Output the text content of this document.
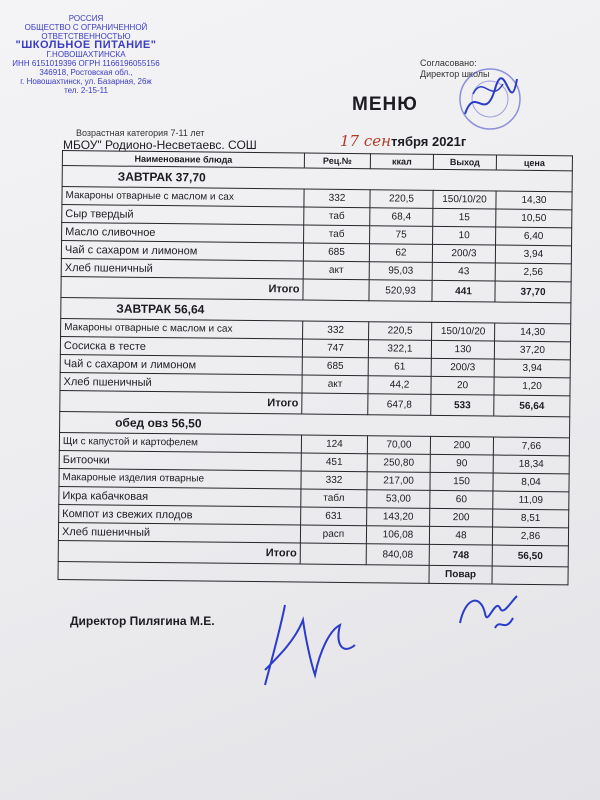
РОССИЯ
ОБЩЕСТВО С ОГРАНИЧЕННОЙ
ОТВЕТСТВЕННОСТЬЮ
"ШКОЛЬНОЕ ПИТАНИЕ"
Г.НОВОШАХТИНСКА
ИНН 6151019396 ОГРН 1166196055156
346918, Ростовская обл.,
г. Новошахтинск, ул. Базарная, 26ж
тел. 2-15-11
Согласовано:
Директор школы
МЕНЮ
Возрастная категория 7-11 лет
МБОУ" Родионо-Несветаевс. СОШ	17 сентября 2021г
Наименование блюда	Рец.№	ккал	Выход	цена
ЗАВТРАК 37,70				
Макароны отварные с маслом и сах	332	220,5	150/10/20	14,30
Сыр твердый	таб	68,4	15	10,50
Масло сливочное	таб	75	10	6,40
Чай с сахаром и лимоном	685	62	200/3	3,94
Хлеб пшеничный	акт	95,03	43	2,56
Итого		520,93	441	37,70
ЗАВТРАК 56,64				
Макароны отварные с маслом и сах	332	220,5	150/10/20	14,30
Сосиска в тесте	747	322,1	130	37,20
Чай с сахаром и лимоном	685	61	200/3	3,94
Хлеб пшеничный	акт	44,2	20	1,20
Итого		647,8	533	56,64
обед овз 56,50				
Щи с капустой и картофелем	124	70,00	200	7,66
Битоочки	451	250,80	90	18,34
Макароные изделия отварные	332	217,00	150	8,04
Икра кабачковая	табл	53,00	60	11,09
Компот из свежих плодов	631	143,20	200	8,51
Хлеб пшеничный	расп	106,08	48	2,86
Итого		840,08	748	56,50
			Повар	
Директор Пилягина М.Е.
